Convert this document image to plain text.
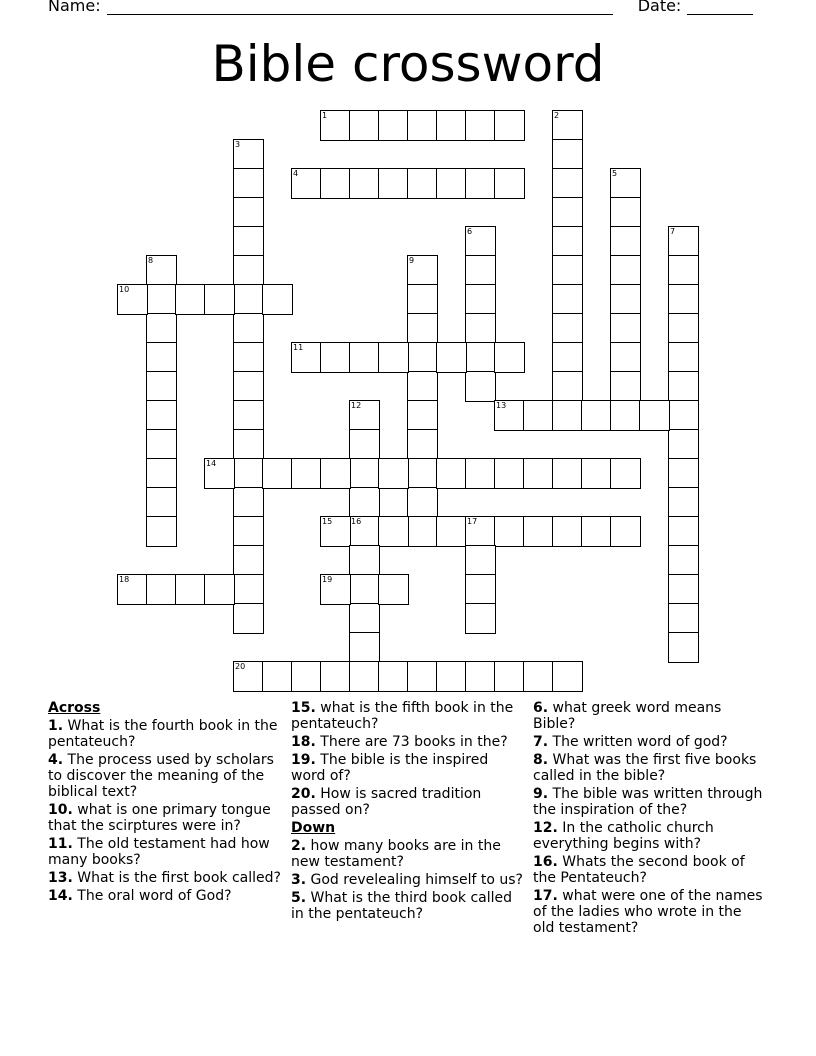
Name:	Date:
Bible crossword
1	2
3
4	5
6	7
8	9
10
11
12
16
13
14
15	17
18	19
20
Across
1. What is the fourth book in the pentateuch?
4. The process used by scholars to discover the meaning of the biblical text?
10. what is one primary tongue that the scirptures were in?
11. The old testament had how many books?
13. What is the first book called?
14. The oral word of God?
15. what is the fifth book in the pentateuch?
18. There are 73 books in the?
19. The bible is the inspired word of?
20. How is sacred tradition passed on?
Down
2. how many books are in the new testament?
3. God revelealing himself to us?
5. What is the third book called in the pentateuch?
6. what greek word means Bible?
7. The written word of god?
8. What was the first five books called in the bible?
9. The bible was written through the inspiration of the?
12. In the catholic church everything begins with?
16. Whats the second book of the Pentateuch?
17. what were one of the names of the ladies who wrote in the old testament?
